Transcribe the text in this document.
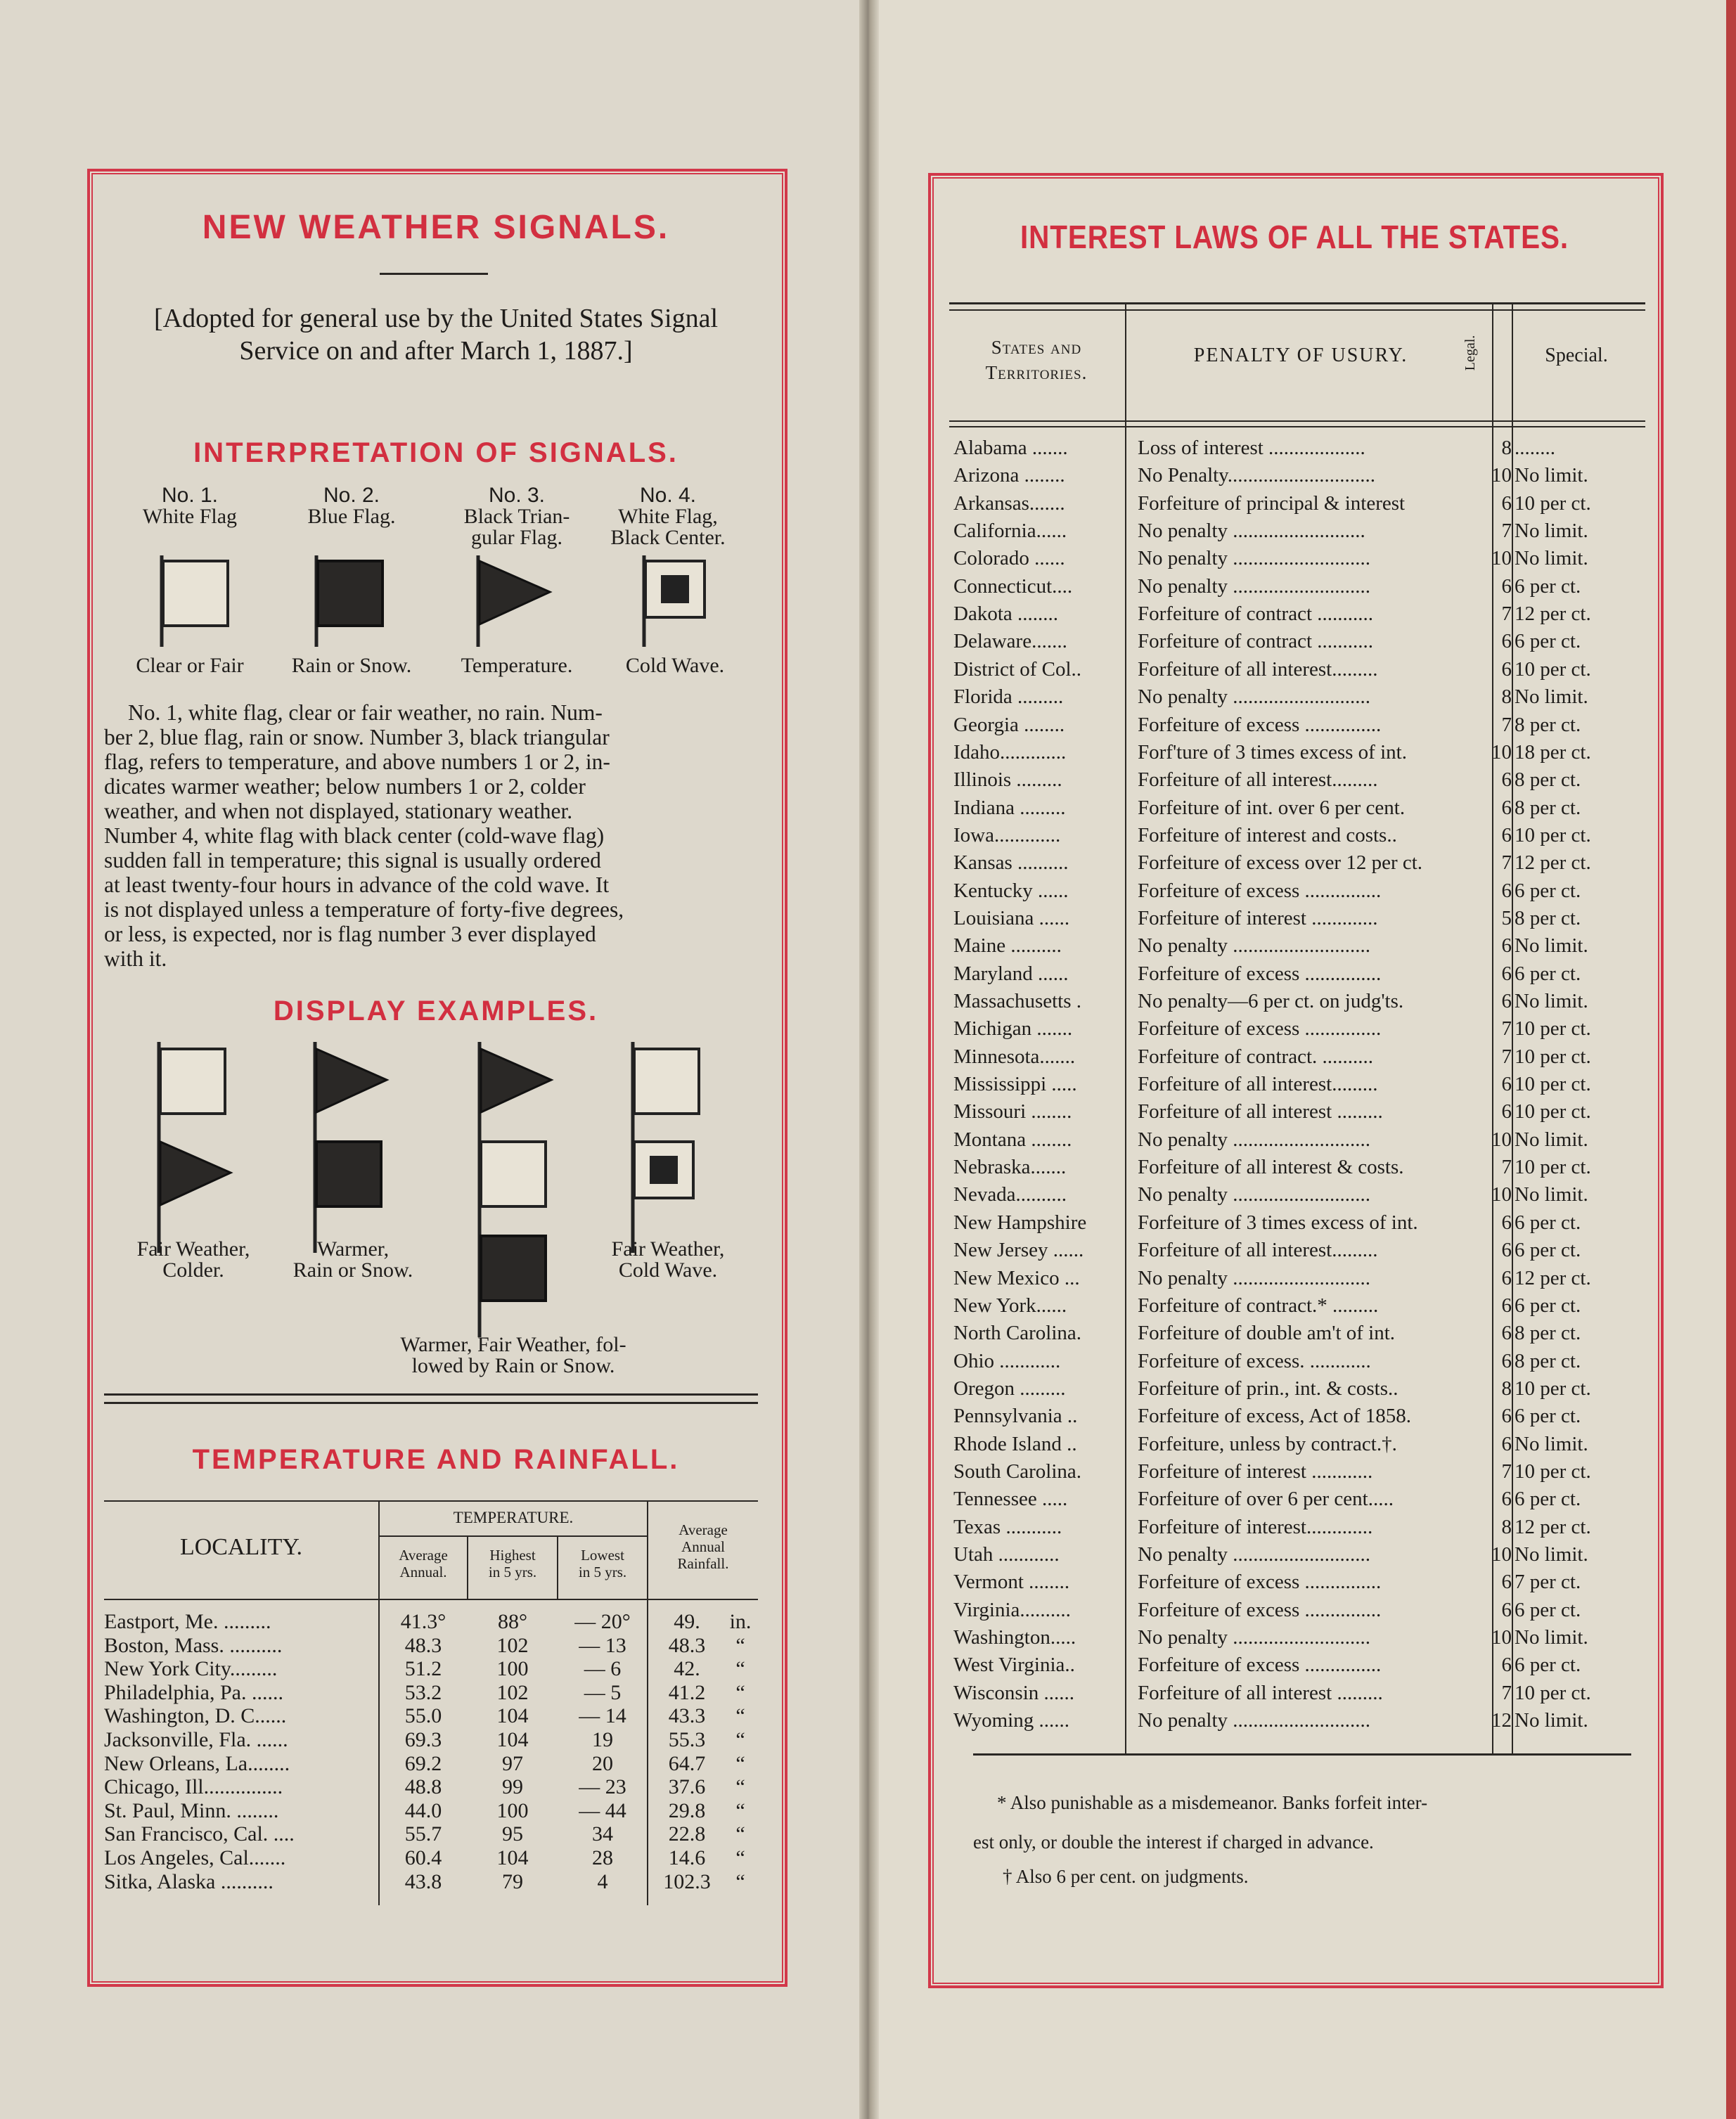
NEW WEATHER SIGNALS.
[Adopted for general use by the United States Signal
Service on and after March 1, 1887.]
INTERPRETATION OF SIGNALS.
No. 1.
White Flag
No. 2.
Blue Flag.
No. 3.
Black Trian-
gular Flag.
No. 4.
White Flag,
Black Center.
Clear or Fair	Rain or Snow.	Temperature.	Cold Wave.
No. 1, white flag, clear or fair weather, no rain. Num-
ber 2, blue flag, rain or snow. Number 3, black triangular
flag, refers to temperature, and above numbers 1 or 2, in-
dicates warmer weather; below numbers 1 or 2, colder
weather, and when not displayed, stationary weather.
Number 4, white flag with black center (cold-wave flag)
sudden fall in temperature; this signal is usually ordered
at least twenty-four hours in advance of the cold wave. It
is not displayed unless a temperature of forty-five degrees,
or less, is expected, nor is flag number 3 ever displayed
with it.
DISPLAY EXAMPLES.
Fair Weather,
Colder.
Warmer,
Rain or Snow.
Warmer, Fair Weather, fol-
lowed by Rain or Snow.
Fair Weather,
Cold Wave.
TEMPERATURE AND RAINFALL.
LOCALITY.
TEMPERATURE.
Average
Annual.
Highest
in 5 yrs.
Lowest
in 5 yrs.
Average
Annual
Rainfall.
Eastport, Me. .........	41.3°	88°	— 20°	49.	in.
Boston, Mass. ..........	48.3	102	— 13	48.3	“
New York City.........	51.2	100	— 6	42.	“
Philadelphia, Pa. ......	53.2	102	— 5	41.2	“
Washington, D. C......	55.0	104	— 14	43.3	“
Jacksonville, Fla. ......	69.3	104	19	55.3	“
New Orleans, La........	69.2	97	20	64.7	“
Chicago, Ill...............	48.8	99	— 23	37.6	“
St. Paul, Minn. ........	44.0	100	— 44	29.8	“
San Francisco, Cal. ....	55.7	95	34	22.8	“
Los Angeles, Cal.......	60.4	104	28	14.6	“
Sitka, Alaska ..........	43.8	79	4	102.3	“
INTEREST LAWS OF ALL THE STATES.
States and
Territories.
PENALTY OF USURY.	Legal.	Special.
Alabama .......	Loss of interest ...................	8 ........
Arizona ........	No Penalty.............................	10 No limit.
Arkansas.......	Forfeiture of principal & interest	6 10 per ct.
California......	No penalty ..........................	7 No limit.
Colorado ......	No penalty ...........................	10 No limit.
Connecticut....	No penalty ...........................	6 6 per ct.
Dakota ........	Forfeiture of contract ...........	7 12 per ct.
Delaware.......	Forfeiture of contract ...........	6 6 per ct.
District of Col..	Forfeiture of all interest.........	6 10 per ct.
Florida .........	No penalty ...........................	8 No limit.
Georgia ........	Forfeiture of excess ...............	7 8 per ct.
Idaho.............	Forf'ture of 3 times excess of int.	10 18 per ct.
Illinois .........	Forfeiture of all interest.........	6 8 per ct.
Indiana .........	Forfeiture of int. over 6 per cent.	6 8 per ct.
Iowa.............	Forfeiture of interest and costs..	6 10 per ct.
Kansas ..........	Forfeiture of excess over 12 per ct.	7 12 per ct.
Kentucky ......	Forfeiture of excess ...............	6 6 per ct.
Louisiana ......	Forfeiture of interest .............	5 8 per ct.
Maine ..........	No penalty ...........................	6 No limit.
Maryland ......	Forfeiture of excess ...............	6 6 per ct.
Massachusetts .	No penalty—6 per ct. on judg'ts.	6 No limit.
Michigan .......	Forfeiture of excess ...............	7 10 per ct.
Minnesota.......	Forfeiture of contract. ..........	7 10 per ct.
Mississippi .....	Forfeiture of all interest.........	6 10 per ct.
Missouri ........	Forfeiture of all interest .........	6 10 per ct.
Montana ........	No penalty ...........................	10 No limit.
Nebraska.......	Forfeiture of all interest & costs.	7 10 per ct.
Nevada..........	No penalty ...........................	10 No limit.
New Hampshire	Forfeiture of 3 times excess of int.	6 6 per ct.
New Jersey ......	Forfeiture of all interest.........	6 6 per ct.
New Mexico ...	No penalty ...........................	6 12 per ct.
New York......	Forfeiture of contract.* .........	6 6 per ct.
North Carolina.	Forfeiture of double am't of int.	6 8 per ct.
Ohio ............	Forfeiture of excess. ............	6 8 per ct.
Oregon .........	Forfeiture of prin., int. & costs..	8 10 per ct.
Pennsylvania ..	Forfeiture of excess, Act of 1858.	6 6 per ct.
Rhode Island ..	Forfeiture, unless by contract.†.	6 No limit.
South Carolina.	Forfeiture of interest ............	7 10 per ct.
Tennessee .....	Forfeiture of over 6 per cent.....	6 6 per ct.
Texas ...........	Forfeiture of interest.............	8 12 per ct.
Utah ............	No penalty ...........................	10 No limit.
Vermont ........	Forfeiture of excess ...............	6 7 per ct.
Virginia..........	Forfeiture of excess ...............	6 6 per ct.
Washington.....	No penalty ...........................	10 No limit.
West Virginia..	Forfeiture of excess ...............	6 6 per ct.
Wisconsin ......	Forfeiture of all interest .........	7 10 per ct.
Wyoming ......	No penalty ...........................	12 No limit.
* Also punishable as a misdemeanor. Banks forfeit inter-
est only, or double the interest if charged in advance.
† Also 6 per cent. on judgments.
